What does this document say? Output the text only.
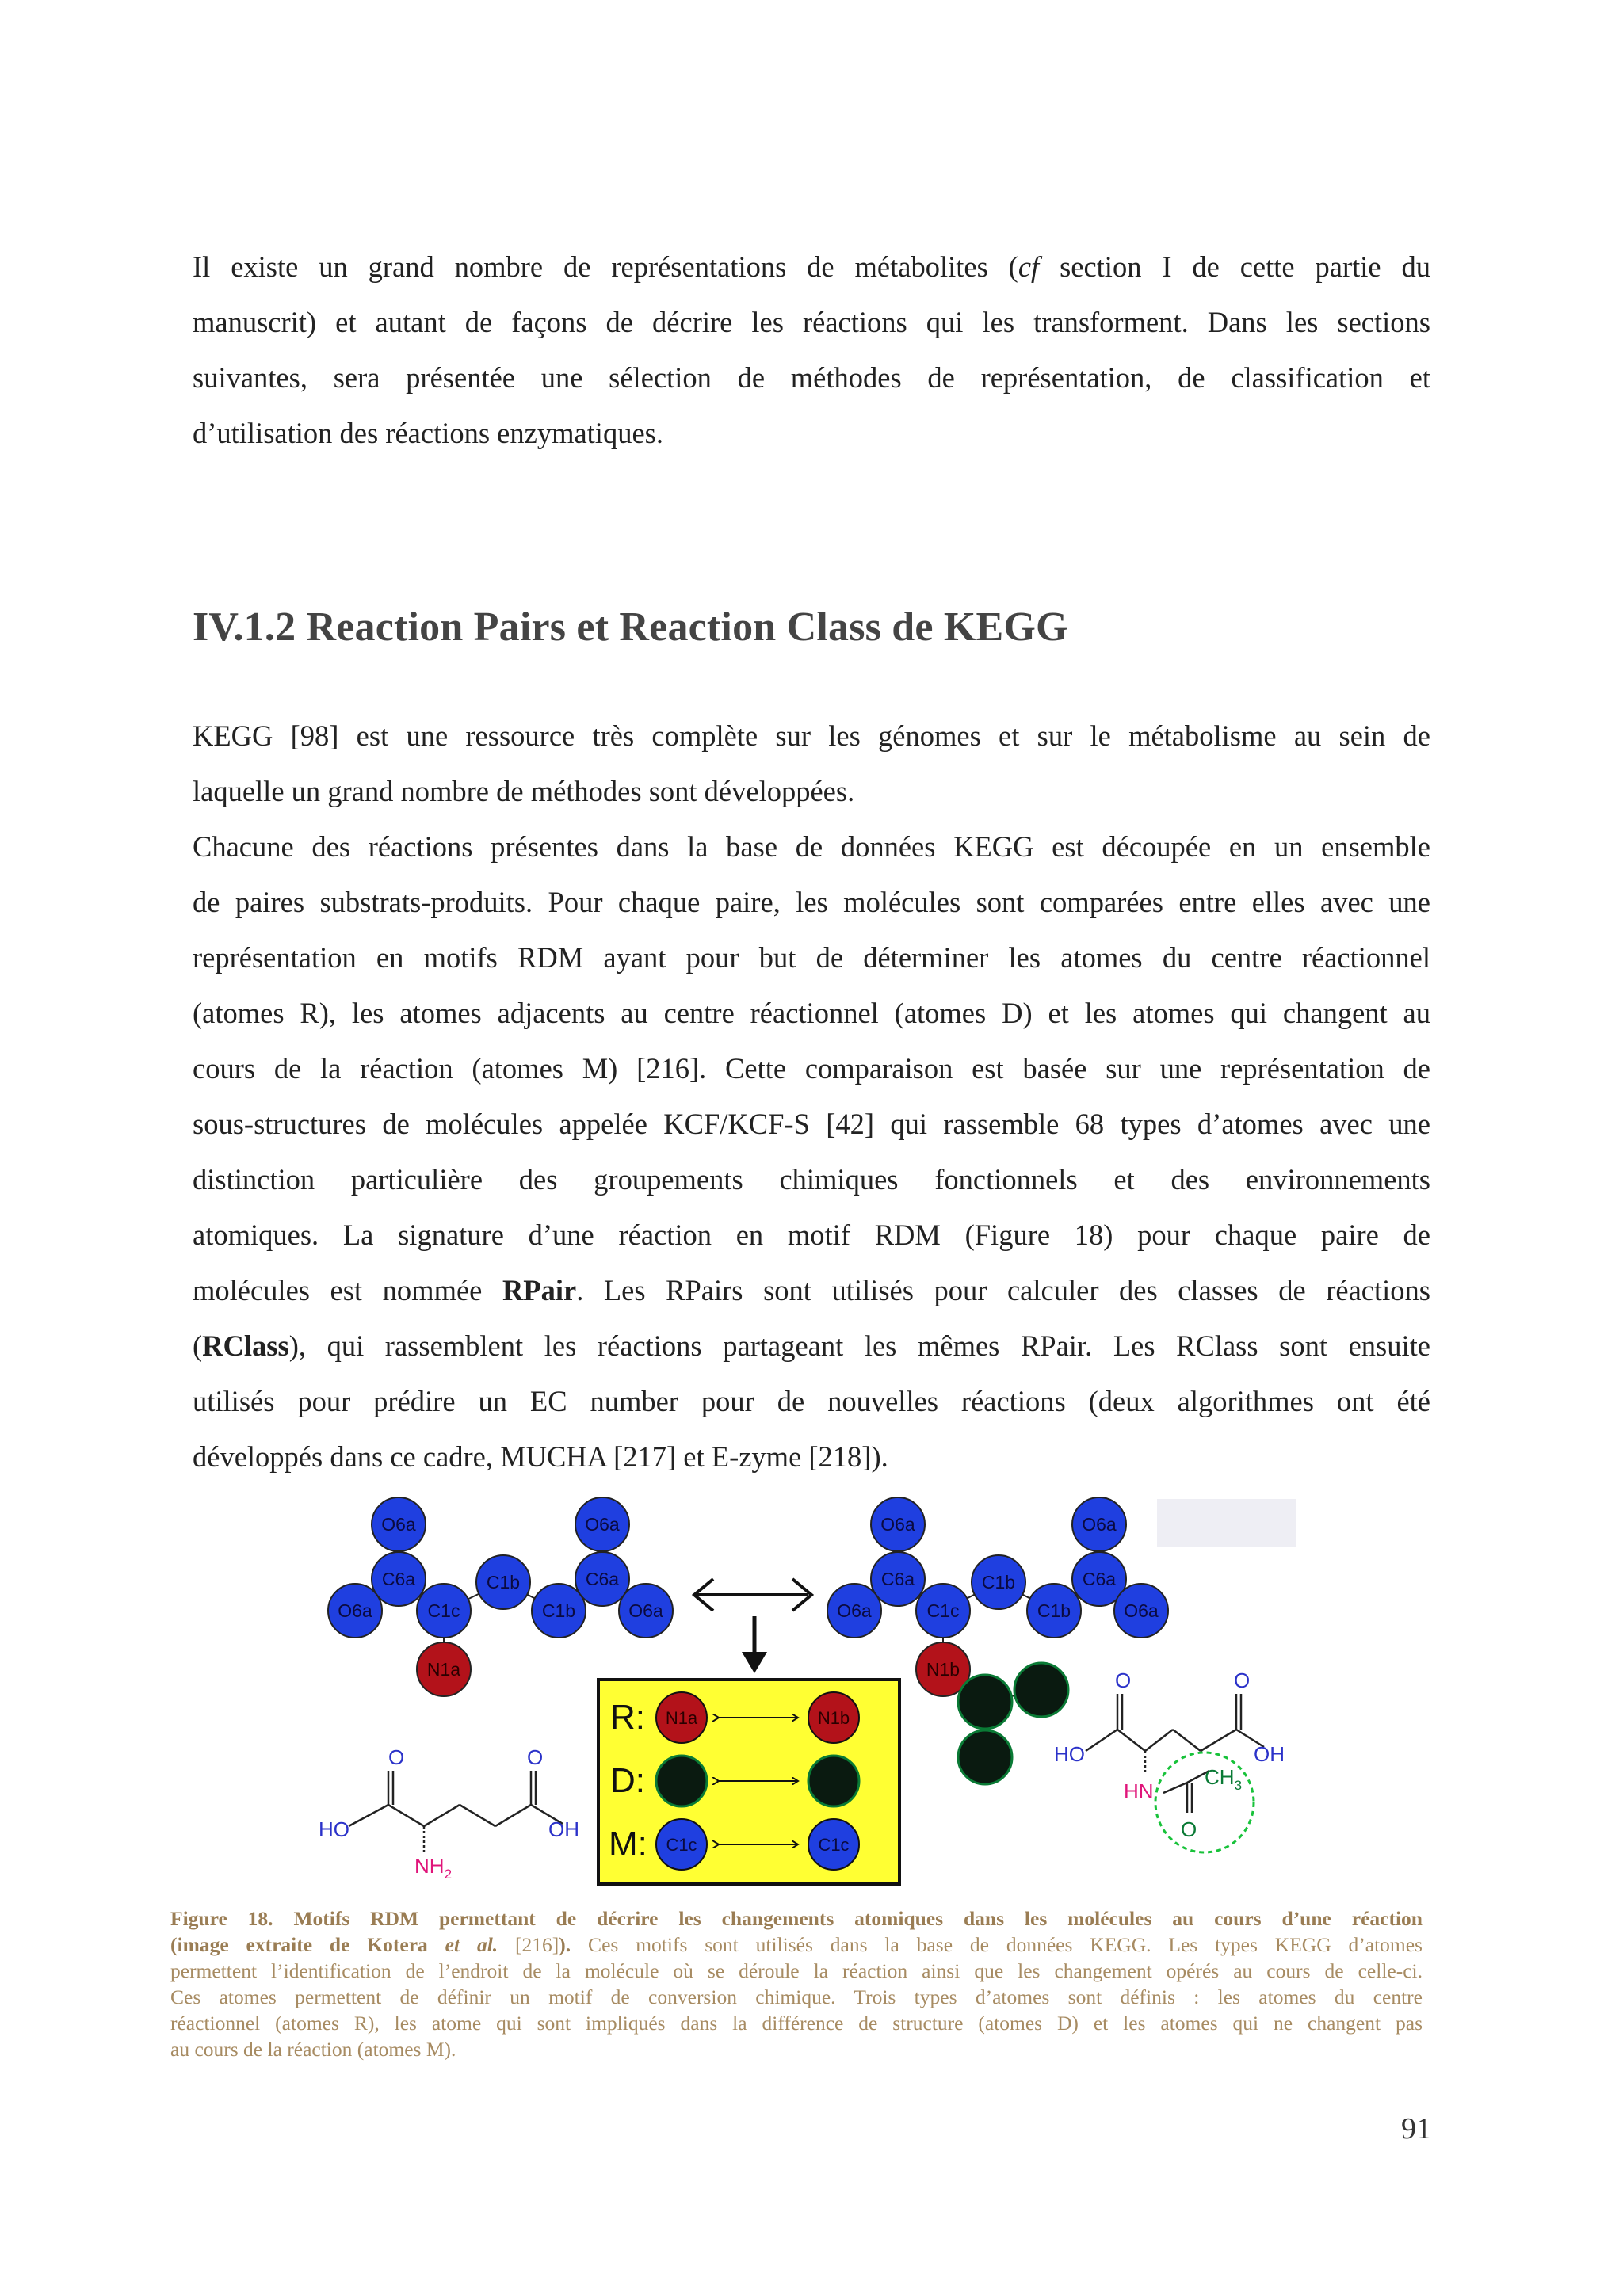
Il existe un grand nombre de représentations de métabolites (cf section I de cette partie du
manuscrit) et autant de façons de décrire les réactions qui les transforment. Dans les sections
suivantes, sera présentée une sélection de méthodes de représentation, de classification et
d’utilisation des réactions enzymatiques.
IV.1.2 Reaction Pairs et Reaction Class de KEGG
KEGG [98] est une ressource très complète sur les génomes et sur le métabolisme au sein de
laquelle un grand nombre de méthodes sont développées.
Chacune des réactions présentes dans la base de données KEGG est découpée en un ensemble
de paires substrats-produits. Pour chaque paire, les molécules sont comparées entre elles avec une
représentation en motifs RDM ayant pour but de déterminer les atomes du centre réactionnel
(atomes R), les atomes adjacents au centre réactionnel (atomes D) et les atomes qui changent au
cours de la réaction (atomes M) [216]. Cette comparaison est basée sur une représentation de
sous-structures de molécules appelée KCF/KCF-S [42] qui rassemble 68 types d’atomes avec une
distinction particulière des groupements chimiques fonctionnels et des environnements
atomiques. La signature d’une réaction en motif RDM (Figure 18) pour chaque paire de
molécules est nommée RPair. Les RPairs sont utilisés pour calculer des classes de réactions
(RClass), qui rassemblent les réactions partageant les mêmes RPair. Les RClass sont ensuite
utilisés pour prédire un EC number pour de nouvelles réactions (deux algorithmes ont été
développés dans ce cadre, MUCHA [217] et E-zyme [218]).
O6a
C6a
O6a	C1c
C1b
C1b
C6a
O6a
O6a
N1a
O6a
C6a
O6a	C1c
C1b
C1b
C6a
O6a
O6a
N1b
R: N1a	N1b
D:
M: C1c	C1c
O	O
HO	OH
$NH_2$
O	O
HO	OH
HN
$CH_3$
O
Figure 18. Motifs RDM permettant de décrire les changements atomiques dans les molécules au cours d’une réaction
(image extraite de Kotera et al. [216]). Ces motifs sont utilisés dans la base de données KEGG. Les types KEGG d’atomes
permettent l’identification de l’endroit de la molécule où se déroule la réaction ainsi que les changement opérés au cours de celle-ci.
Ces atomes permettent de définir un motif de conversion chimique. Trois types d’atomes sont définis : les atomes du centre
réactionnel (atomes R), les atome qui sont impliqués dans la différence de structure (atomes D) et les atomes qui ne changent pas
au cours de la réaction (atomes M).
91
